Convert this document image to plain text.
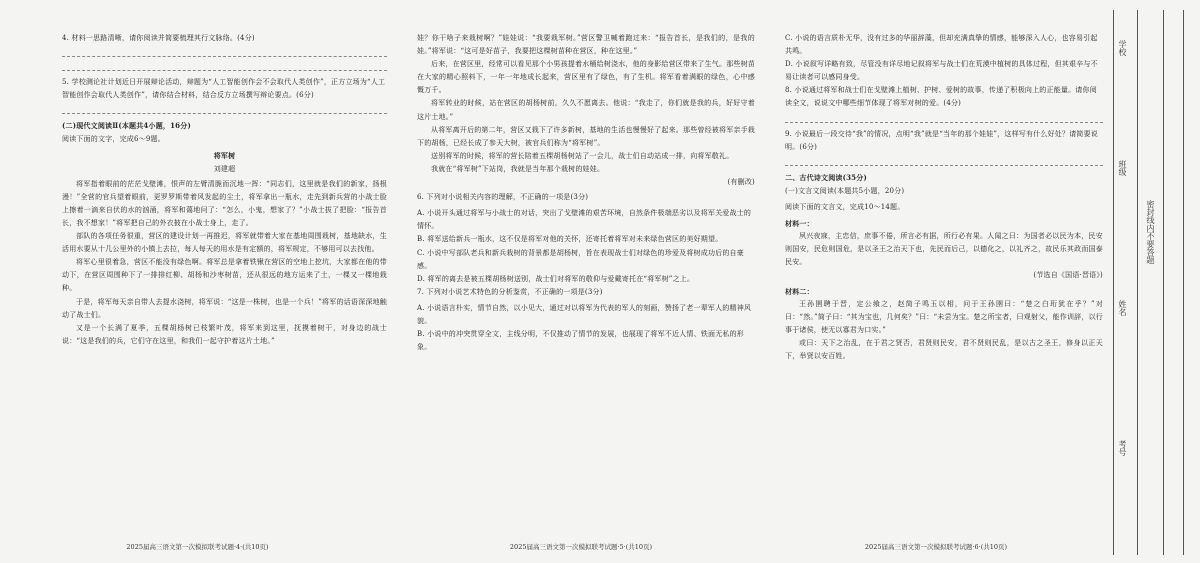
4. 材料一思路清晰，请你阅读并简要梳理其行文脉络。(4分)

5. 学校测论社计划近日开展辩论活动，辩题为“人工智能创作会不会取代人类创作”，正方立场为“人工智能创作会取代人类创作”，请你结合材料，结合反方立场撰写辩论要点。(6分)

(二)现代文阅读Ⅱ(本题共4小题，16分)

阅读下面的文字，完成6～9题。

将军树

刘建超

将军指着眼前的茫茫戈壁滩，恨声的左臂清脆而沉地一挥：“同志们，这里就是我们的新家，扬根漫！”全营的官兵望着眼前，更罗罗斯带着风发起的尘土，将军拿出一瓶水，走先到新兵营的小战士脸上擦着一滴来自伏的水的汹涌，将军和蔼地问了：“怎么，小鬼，想家了？”小战士拔了把脸：“报告首长，我不想家！”将军把自己的外衣披在小战士身上，走了。

部队的各项任务很重，营区的建设计划一再推迟，将军就带着大家在基地周围栽树，基地缺水，生活用水要从十几公里外的小镇上去拉，每人每天的用水是有定额的，将军规定，不够用可以去找他。

将军心里很着急，营区不能没有绿色啊。将军总是拿着铁锹在营区的空地上挖坑，大家都在他的带动下，在营区周围种下了一排排红柳、胡杨和沙枣树苗，还从很远的地方运来了土，一棵又一棵地栽种。

于是，将军每天亲自带人去提水浇树，将军说：“这是一株树，也是一个兵！”将军的话语深深地触动了战士们。

又是一个长满了夏季，五棵胡杨树已枝繁叶茂，将军来到这里，抚摸着树干，对身边的战士说：“这是我们的兵，它们守在这里，和我们一起守护着这片土地。”

2025届高三语文第一次模拟联考试题·4·(共10页)

娃？你干啥子来栽树啊？”娃娃说：“我要栽军树。”营区警卫喊着跑过来：“报告首长，是我们的，是我的娃。”将军说：“这可是好苗子，我要把这棵树苗种在营区，种在这里。”

后来，在营区里，经常可以看见那个小男孩提着水桶给树浇水，他的身影给营区带来了生气。那些树苗在大家的精心照料下，一年一年地成长起来，营区里有了绿色，有了生机。将军看着满眼的绿色，心中感慨万千。

将军转业的时候，站在营区的胡杨树前，久久不愿离去。他说：“我走了，你们就是我的兵，好好守着这片土地。”

从将军离开后的第二年，营区又栽下了许多新树，基地的生活也慢慢好了起来。那些曾经被将军亲手栽下的胡杨，已经长成了参天大树，被官兵们称为“将军树”。

送别将军的时候，将军的营长陪着五棵胡杨树站了一会儿，战士们自动站成一排，向将军敬礼。

我就在“将军树”下站岗，我就是当年那个栽树的娃娃。

(有删改)

6. 下列对小说相关内容的理解，不正确的一项是(3分)

A. 小说开头通过将军与小战士的对话，突出了戈壁滩的艰苦环境，自然条件极端恶劣以及将军关爱战士的情怀。

B. 将军送给新兵一瓶水，这不仅是将军对他的关怀，还寄托着将军对未来绿色营区的美好期望。

C. 小说中写部队老兵和新兵栽树的背景都是胡杨树，旨在表现战士们对绿色的珍爱及将树成功后的自豪感。

D. 将军的离去是被五棵胡杨树送别，战士们对将军的敬仰与爱戴寄托在“将军树”之上。

7. 下列对小说艺术特色的分析鉴赏，不正确的一项是(3分)

A. 小说语言朴实，情节自然，以小见大，通过对以将军为代表的军人的刻画，赞扬了老一辈军人的精神风貌。

B. 小说中的冲突贯穿全文，主线分明，不仅推动了情节的发展，也展现了将军不近人情、铁面无私的形象。

2025届高三语文第一次模拟联考试题·5·(共10页)

C. 小说的语言质朴无华，没有过多的华丽辞藻，但却充满真挚的情感，能够深入人心，也容易引起共鸣。

D. 小说叙写详略有致，尽管没有详尽地记叙将军与战士们在荒漠中植树的具体过程，但其艰辛与不易让读者可以感同身受。

8. 小说通过将军和战士们在戈壁滩上植树、护树、爱树的故事，传递了积极向上的正能量。请你阅读全文，说说文中哪些细节体现了将军对树的爱。(4分)

9. 小说最后一段交待“我”的情况，点明“我”就是“当年的那个娃娃”，这样写有什么好处？请简要说明。(6分)

二、古代诗文阅读(35分)

(一)文言文阅读(本题共5小题，20分)

阅读下面的文言文，完成10～14题。

材料一：

夙兴夜寐，主忠信，庶事不倦，所言必有据，所行必有果。人闻之曰：为国者必以民为本，民安则国安，民危则国危，是以圣王之治天下也，先民而后己，以德化之，以礼齐之，故民乐其政而国泰民安。

(节选自《国语·晋语》)

材料二：

王孙圉聘于晋，定公飨之，赵简子鸣玉以相，问于王孙圉曰：“楚之白珩犹在乎？”对曰：“然。”简子曰：“其为宝也，几何矣？”曰：“未尝为宝。楚之所宝者，曰观射父，能作训辞，以行事于诸侯，使无以寡君为口实。”

或曰：天下之治乱，在于君之贤否，君贤则民安，君不贤则民乱，是以古之圣王，修身以正天下，举贤以安百姓。

2025届高三语文第一次模拟联考试题·6·(共10页)
学校
班级
姓名
考号
密封线内不要答题
